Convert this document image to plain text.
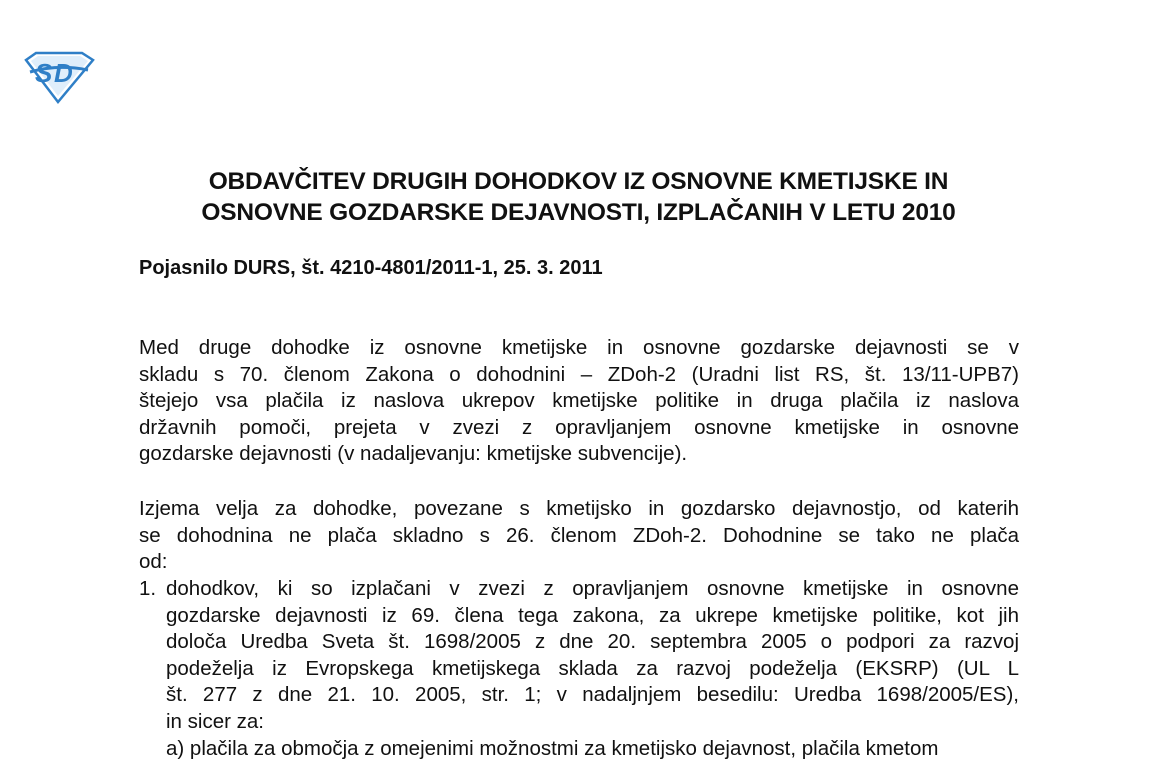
S D
OBDAVČITEV DRUGIH DOHODKOV IZ OSNOVNE KMETIJSKE IN
OSNOVNE GOZDARSKE DEJAVNOSTI, IZPLAČANIH V LETU 2010
Pojasnilo DURS, št. 4210-4801/2011-1, 25. 3. 2011
Med druge dohodke iz osnovne kmetijske in osnovne gozdarske dejavnosti se v
skladu s 70. členom Zakona o dohodnini – ZDoh-2 (Uradni list RS, št. 13/11-UPB7)
štejejo vsa plačila iz naslova ukrepov kmetijske politike in druga plačila iz naslova
državnih pomoči, prejeta v zvezi z opravljanjem osnovne kmetijske in osnovne
gozdarske dejavnosti (v nadaljevanju: kmetijske subvencije).
Izjema velja za dohodke, povezane s kmetijsko in gozdarsko dejavnostjo, od katerih
se dohodnina ne plača skladno s 26. členom ZDoh-2. Dohodnine se tako ne plača
od:
1. dohodkov, ki so izplačani v zvezi z opravljanjem osnovne kmetijske in osnovne
gozdarske dejavnosti iz 69. člena tega zakona, za ukrepe kmetijske politike, kot jih
določa Uredba Sveta št. 1698/2005 z dne 20. septembra 2005 o podpori za razvoj
podeželja iz Evropskega kmetijskega sklada za razvoj podeželja (EKSRP) (UL L
št. 277 z dne 21. 10. 2005, str. 1; v nadaljnjem besedilu: Uredba 1698/2005/ES),
in sicer za:
a) plačila za območja z omejenimi možnostmi za kmetijsko dejavnost, plačila kmetom
